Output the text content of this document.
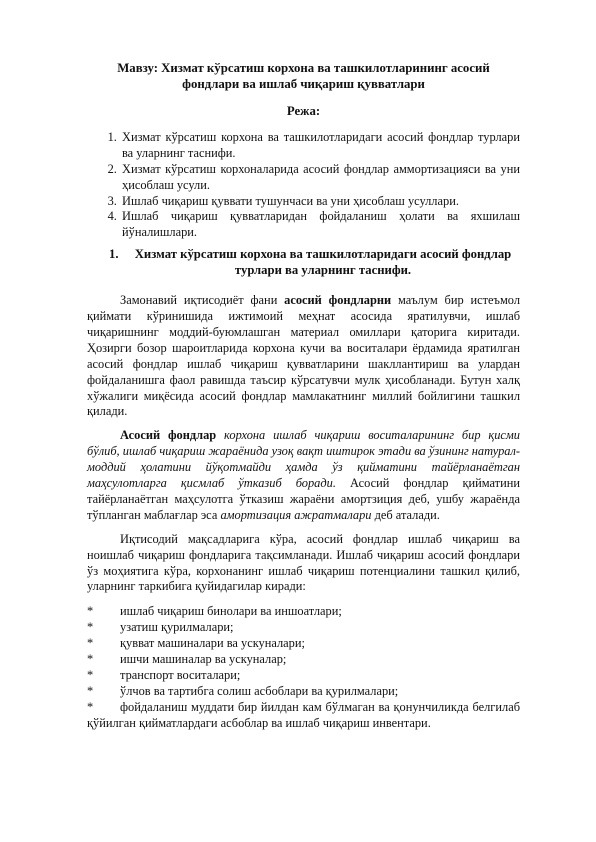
Мавзу: Хизмат кўрсатиш корхона ва ташкилотларининг асосий
фондлари ва ишлаб чиқариш қувватлари
Режа:
1. Хизмат кўрсатиш корхона ва ташкилотларидаги асосий фондлар турлари ва уларнинг таснифи.
2. Хизмат кўрсатиш корхоналарида асосий фондлар аммортизацияси ва уни ҳисоблаш усули.
3. Ишлаб чиқариш қуввати тушунчаси ва уни ҳисоблаш усуллари.
4. Ишлаб чиқариш қувватларидан фойдаланиш ҳолати ва яхшилаш йўналишлари.
1.	Хизмат кўрсатиш корхона ва ташкилотларидаги асосий фондлар турлари ва уларнинг таснифи.

Замонавий иқтисодиёт фани асосий фондларни маълум бир истеъмол қиймати кўринишида ижтимоий меҳнат асосида яратилувчи, ишлаб чиқаришнинг моддий-буюмлашган материал омиллари қаторига киритади. Ҳозирги бозор шароитларида корхона кучи ва воситалари ёрдамида яратилган асосий фондлар ишлаб чиқариш қувватларини шакллантириш ва улардан фойдаланишга фаол равишда таъсир кўрсатувчи мулк ҳисобланади. Бутун халқ хўжалиги миқёсида асосий фондлар мамлакатнинг миллий бойлигини ташкил қилади.

Асосий фондлар корхона ишлаб чиқариш воситаларининг бир қисми бўлиб, ишлаб чиқариш жараёнида узоқ вақт иштирок этади ва ўзининг натурал-моддий ҳолатини йўқотмайди ҳамда ўз қийматини тайёрланаётган маҳсулотларга қисмлаб ўтказиб боради. Асосий фондлар қийматини тайёрланаётган маҳсулотга ўтказиш жараёни амортзиция деб, ушбу жараёнда тўпланган маблағлар эса амортизация ажратмалари деб аталади.

Иқтисодий мақсадларига кўра, асосий фондлар ишлаб чиқариш ва ноишлаб чиқариш фондларига тақсимланади. Ишлаб чиқариш асосий фондлари ўз моҳиятига кўра, корхонанинг ишлаб чиқариш потенциалини ташкил қилиб, уларнинг таркибига қуйидагилар киради:

*	ишлаб чиқариш бинолари ва иншоатлари;
*	узатиш қурилмалари;
*	қувват машиналари ва ускуналари;
*	ишчи машиналар ва ускуналар;
*	транспорт воситалари;
*	ўлчов ва тартибга солиш асбоблари ва қурилмалари;
*	фойдаланиш муддати бир йилдан кам бўлмаган ва қонунчиликда белгилаб қўйилган қийматлардаги асбоблар ва ишлаб чиқариш инвентари.
